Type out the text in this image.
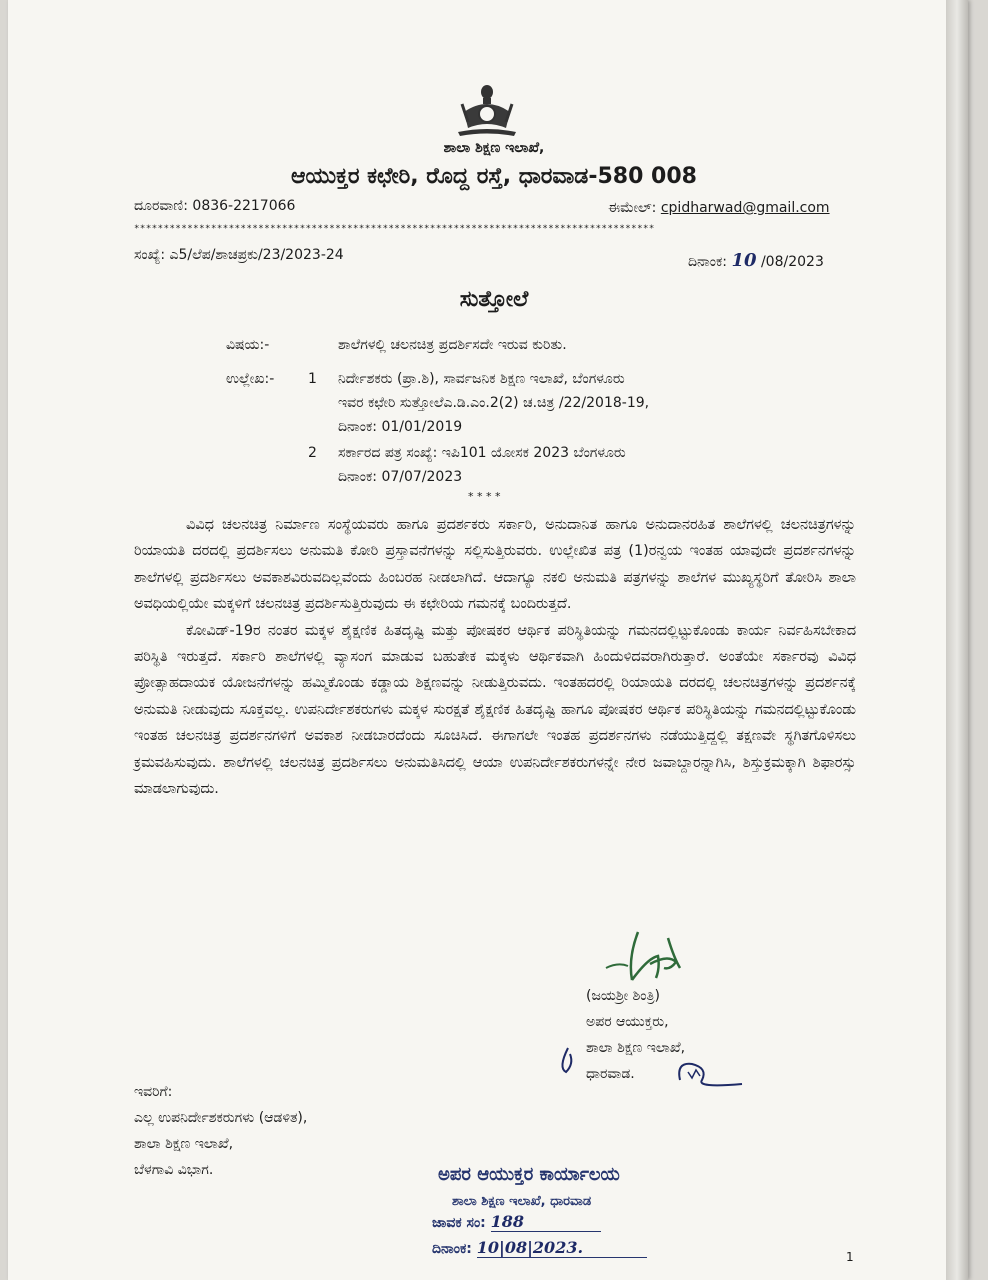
ಶಾಲಾ ಶಿಕ್ಷಣ ಇಲಾಖೆ,
ಆಯುಕ್ತರ ಕಛೇರಿ, ರೊದ್ದ ರಸ್ತೆ, ಧಾರವಾಡ-580 008
ದೂರವಾಣಿ: 0836-2217066	ಈಮೇಲ್: cpidharwad@gmail.com
****************************************************************************************
ಸಂಖ್ಯೆ: ಎ5/ಲೆಪ/ಶಾಚಪ್ರಕು/23/2023-24	ದಿನಾಂಕ: 10 /08/2023
ಸುತ್ತೋಲೆ
ವಿಷಯ:-	ಶಾಲೆಗಳಲ್ಲಿ ಚಲನಚಿತ್ರ ಪ್ರದರ್ಶಿಸದೇ ಇರುವ ಕುರಿತು.
ಉಲ್ಲೇಖ:- 1 ನಿರ್ದೇಶಕರು (ಪ್ರಾ.ಶಿ), ಸಾರ್ವಜನಿಕ ಶಿಕ್ಷಣ ಇಲಾಖೆ, ಬೆಂಗಳೂರು
ಇವರ ಕಛೇರಿ ಸುತ್ತೋಲೆಎ.ಡಿ.ಎಂ.2(2) ಚ.ಚಿತ್ರ /22/2018-19,
ದಿನಾಂಕ: 01/01/2019
2 ಸರ್ಕಾರದ ಪತ್ರ ಸಂಖ್ಯೆ: ಇಪಿ101 ಯೋಸಕ 2023 ಬೆಂಗಳೂರು
ದಿನಾಂಕ: 07/07/2023
* * * *

ವಿವಿಧ ಚಲನಚಿತ್ರ ನಿರ್ಮಾಣ ಸಂಸ್ಥೆಯವರು ಹಾಗೂ ಪ್ರದರ್ಶಕರು ಸರ್ಕಾರಿ, ಅನುದಾನಿತ ಹಾಗೂ ಅನುದಾನರಹಿತ ಶಾಲೆಗಳಲ್ಲಿ ಚಲನಚಿತ್ರಗಳನ್ನು ರಿಯಾಯತಿ ದರದಲ್ಲಿ ಪ್ರದರ್ಶಿಸಲು ಅನುಮತಿ ಕೋರಿ ಪ್ರಸ್ತಾವನೆಗಳನ್ನು ಸಲ್ಲಿಸುತ್ತಿರುವರು. ಉಲ್ಲೇಖಿತ ಪತ್ರ (1)ರನ್ವಯ ಇಂತಹ ಯಾವುದೇ ಪ್ರದರ್ಶನಗಳನ್ನು ಶಾಲೆಗಳಲ್ಲಿ ಪ್ರದರ್ಶಿಸಲು ಅವಕಾಶವಿರುವದಿಲ್ಲವೆಂದು ಹಿಂಬರಹ ನೀಡಲಾಗಿದೆ. ಆದಾಗ್ಯೂ ನಕಲಿ ಅನುಮತಿ ಪತ್ರಗಳನ್ನು ಶಾಲೆಗಳ ಮುಖ್ಯಸ್ಥರಿಗೆ ತೋರಿಸಿ ಶಾಲಾ ಅವಧಿಯಲ್ಲಿಯೇ ಮಕ್ಕಳಿಗೆ ಚಲನಚಿತ್ರ ಪ್ರದರ್ಶಿಸುತ್ತಿರುವುದು ಈ ಕಛೇರಿಯ ಗಮನಕ್ಕೆ ಬಂದಿರುತ್ತದೆ.

ಕೋವಿಡ್-19ರ ನಂತರ ಮಕ್ಕಳ ಶೈಕ್ಷಣಿಕ ಹಿತದೃಷ್ಟಿ ಮತ್ತು ಪೋಷಕರ ಆರ್ಥಿಕ ಪರಿಸ್ಥಿತಿಯನ್ನು ಗಮನದಲ್ಲಿಟ್ಟುಕೊಂಡು ಕಾರ್ಯ ನಿರ್ವಹಿಸಬೇಕಾದ ಪರಿಸ್ಥಿತಿ ಇರುತ್ತದೆ. ಸರ್ಕಾರಿ ಶಾಲೆಗಳಲ್ಲಿ ವ್ಯಾಸಂಗ ಮಾಡುವ ಬಹುತೇಕ ಮಕ್ಕಳು ಆರ್ಥಿಕವಾಗಿ ಹಿಂದುಳಿದವರಾಗಿರುತ್ತಾರೆ. ಅಂತೆಯೇ ಸರ್ಕಾರವು ವಿವಿಧ ಪ್ರೋತ್ಸಾಹದಾಯಕ ಯೋಜನೆಗಳನ್ನು ಹಮ್ಮಿಕೊಂಡು ಕಡ್ಡಾಯ ಶಿಕ್ಷಣವನ್ನು ನೀಡುತ್ತಿರುವದು. ಇಂತಹದರಲ್ಲಿ ರಿಯಾಯತಿ ದರದಲ್ಲಿ ಚಲನಚಿತ್ರಗಳನ್ನು ಪ್ರದರ್ಶನಕ್ಕೆ ಅನುಮತಿ ನೀಡುವುದು ಸೂಕ್ತವಲ್ಲ. ಉಪನಿರ್ದೇಶಕರುಗಳು ಮಕ್ಕಳ ಸುರಕ್ಷತೆ ಶೈಕ್ಷಣಿಕ ಹಿತದೃಷ್ಟಿ ಹಾಗೂ ಪೋಷಕರ ಆರ್ಥಿಕ ಪರಿಸ್ಥಿತಿಯನ್ನು ಗಮನದಲ್ಲಿಟ್ಟುಕೊಂಡು ಇಂತಹ ಚಲನಚಿತ್ರ ಪ್ರದರ್ಶನಗಳಿಗೆ ಅವಕಾಶ ನೀಡಬಾರದೆಂದು ಸೂಚಿಸಿದೆ. ಈಗಾಗಲೇ ಇಂತಹ ಪ್ರದರ್ಶನಗಳು ನಡೆಯುತ್ತಿದ್ದಲ್ಲಿ ತಕ್ಷಣವೇ ಸ್ಥಗಿತಗೊಳಿಸಲು ಕ್ರಮವಹಿಸುವುದು. ಶಾಲೆಗಳಲ್ಲಿ ಚಲನಚಿತ್ರ ಪ್ರದರ್ಶಿಸಲು ಅನುಮತಿಸಿದಲ್ಲಿ ಆಯಾ ಉಪನಿರ್ದೇಶಕರುಗಳನ್ನೇ ನೇರ ಜವಾಬ್ದಾರನ್ನಾಗಿಸಿ, ಶಿಸ್ತುಕ್ರಮಕ್ಕಾಗಿ ಶಿಫಾರಸ್ಸು ಮಾಡಲಾಗುವುದು.

(ಜಯಶ್ರೀ ಶಿಂತ್ರಿ)
ಅಪರ ಆಯುಕ್ತರು,
ಶಾಲಾ ಶಿಕ್ಷಣ ಇಲಾಖೆ,
ಧಾರವಾಡ.
ಇವರಿಗೆ:
ಎಲ್ಲ ಉಪನಿರ್ದೇಶಕರುಗಳು (ಆಡಳಿತ),
ಶಾಲಾ ಶಿಕ್ಷಣ ಇಲಾಖೆ,
ಬೆಳಗಾವಿ ವಿಭಾಗ.	ಅಪರ ಆಯುಕ್ತರ ಕಾರ್ಯಾಲಯ
ಶಾಲಾ ಶಿಕ್ಷಣ ಇಲಾಖೆ, ಧಾರವಾಡ
ಜಾವಕ ಸಂ: 188
ದಿನಾಂಕ: 10|08|2023.	1
